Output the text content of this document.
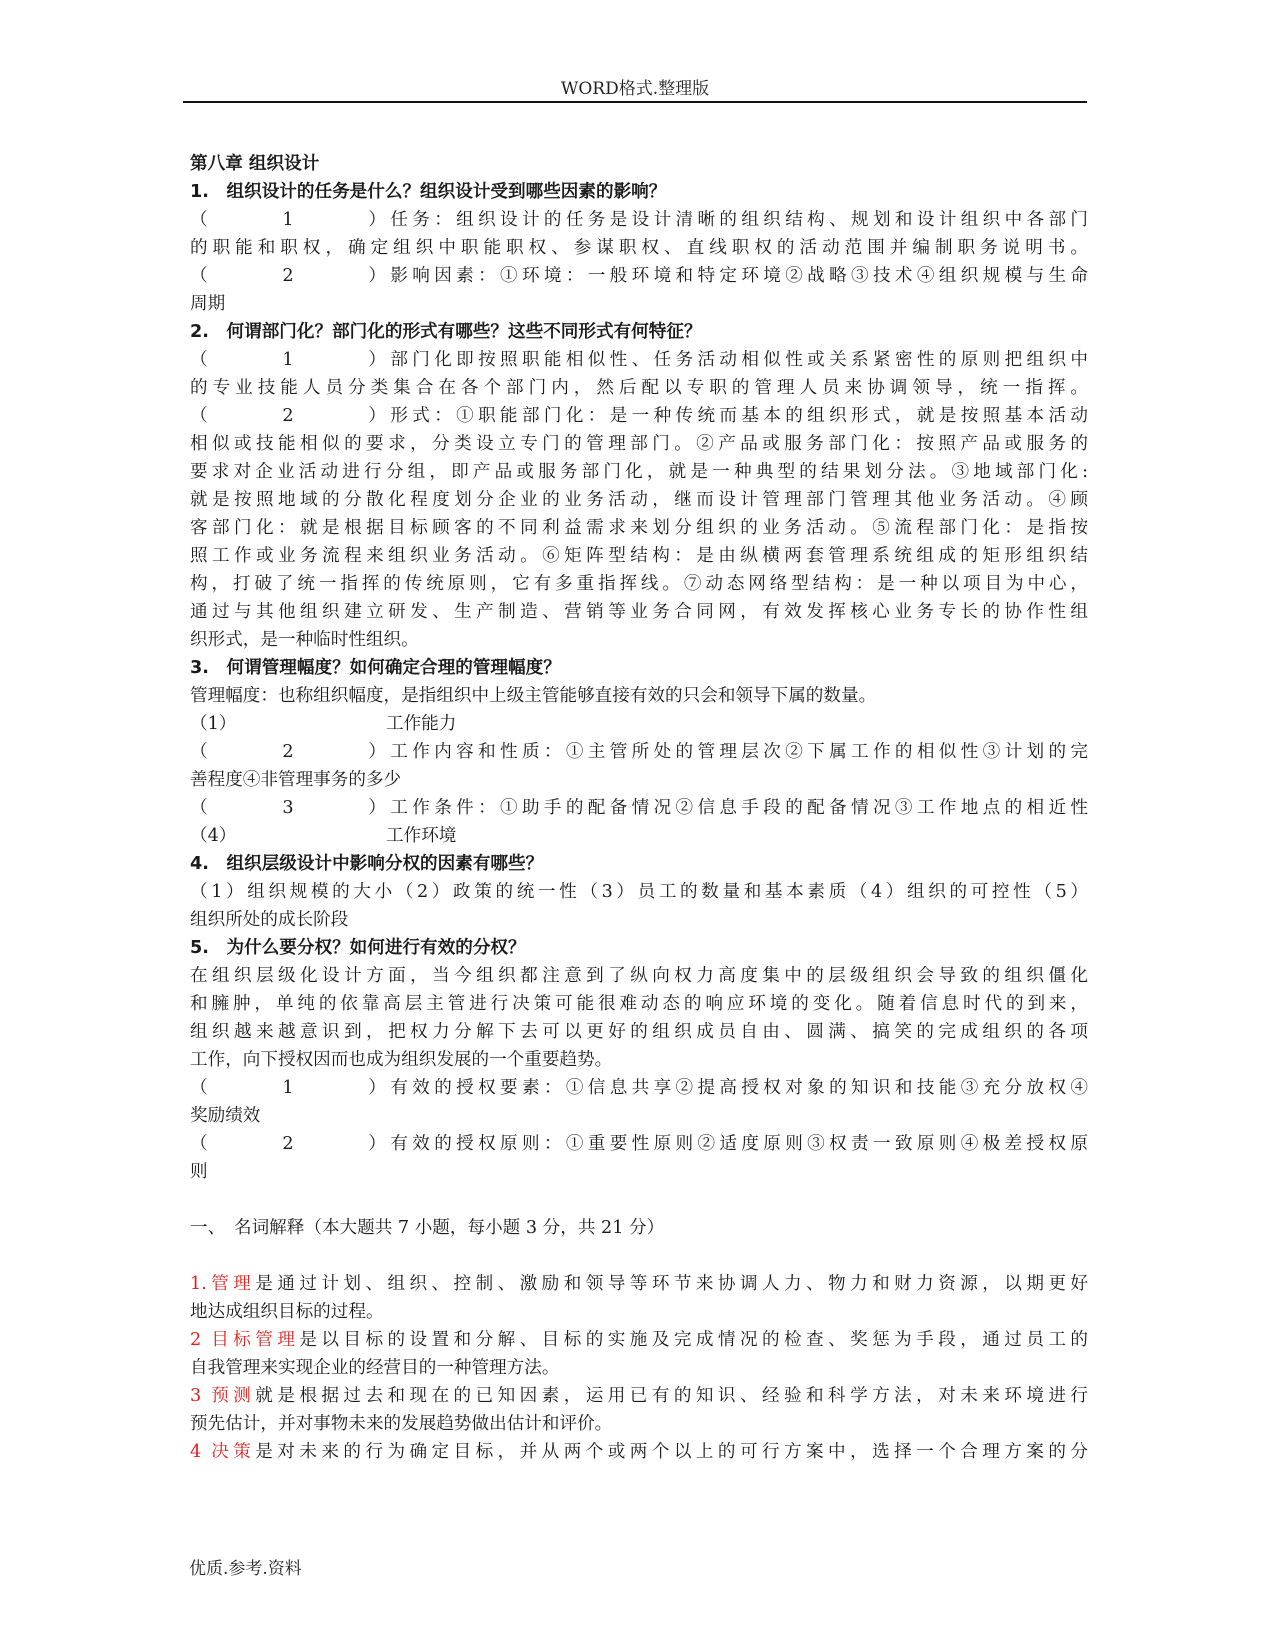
WORD格式.整理版
第八章 组织设计
1.　组织设计的任务是什么？组织设计受到哪些因素的影响？
（1）任务：组织设计的任务是设计清晰的组织结构、规划和设计组织中各部门
的职能和职权，确定组织中职能职权、参谋职权、直线职权的活动范围并编制职务说明书。
（2）影响因素：①环境：一般环境和特定环境②战略③技术④组织规模与生命
周期
2.　何谓部门化？部门化的形式有哪些？这些不同形式有何特征？
（1）部门化即按照职能相似性、任务活动相似性或关系紧密性的原则把组织中
的专业技能人员分类集合在各个部门内，然后配以专职的管理人员来协调领导，统一指挥。
（2）形式：①职能部门化：是一种传统而基本的组织形式，就是按照基本活动
相似或技能相似的要求，分类设立专门的管理部门。②产品或服务部门化：按照产品或服务的
要求对企业活动进行分组，即产品或服务部门化，就是一种典型的结果划分法。③地域部门化:
就是按照地域的分散化程度划分企业的业务活动，继而设计管理部门管理其他业务活动。④顾
客部门化：就是根据目标顾客的不同利益需求来划分组织的业务活动。⑤流程部门化：是指按
照工作或业务流程来组织业务活动。⑥矩阵型结构：是由纵横两套管理系统组成的矩形组织结
构，打破了统一指挥的传统原则，它有多重指挥线。⑦动态网络型结构：是一种以项目为中心，
通过与其他组织建立研发、生产制造、营销等业务合同网，有效发挥核心业务专长的协作性组
织形式，是一种临时性组织。
3.　何谓管理幅度？如何确定合理的管理幅度？
管理幅度：也称组织幅度，是指组织中上级主管能够直接有效的只会和领导下属的数量。
（1）	工作能力
（2）工作内容和性质：①主管所处的管理层次②下属工作的相似性③计划的完
善程度④非管理事务的多少
（3）工作条件：①助手的配备情况②信息手段的配备情况③工作地点的相近性
（4）	工作环境
4.　组织层级设计中影响分权的因素有哪些？
（1）组织规模的大小（2）政策的统一性（3）员工的数量和基本素质（4）组织的可控性（5）
组织所处的成长阶段
5.　为什么要分权？如何进行有效的分权？
在组织层级化设计方面，当今组织都注意到了纵向权力高度集中的层级组织会导致的组织僵化
和臃肿，单纯的依靠高层主管进行决策可能很难动态的响应环境的变化。随着信息时代的到来，
组织越来越意识到，把权力分解下去可以更好的组织成员自由、圆满、搞笑的完成组织的各项
工作，向下授权因而也成为组织发展的一个重要趋势。
（1）有效的授权要素：①信息共享②提高授权对象的知识和技能③充分放权④
奖励绩效
（2）有效的授权原则：①重要性原则②适度原则③权责一致原则④极差授权原
则
一、　名词解释（本大题共 7 小题，每小题 3 分，共 21 分）
1.管理是通过计划、组织、控制、激励和领导等环节来协调人力、物力和财力资源，以期更好
地达成组织目标的过程。
2 目标管理是以目标的设置和分解、目标的实施及完成情况的检查、奖惩为手段，通过员工的
自我管理来实现企业的经营目的一种管理方法。
3 预测就是根据过去和现在的已知因素，运用已有的知识、经验和科学方法，对未来环境进行
预先估计，并对事物未来的发展趋势做出估计和评价。
4 决策是对未来的行为确定目标，并从两个或两个以上的可行方案中，选择一个合理方案的分
优质.参考.资料
